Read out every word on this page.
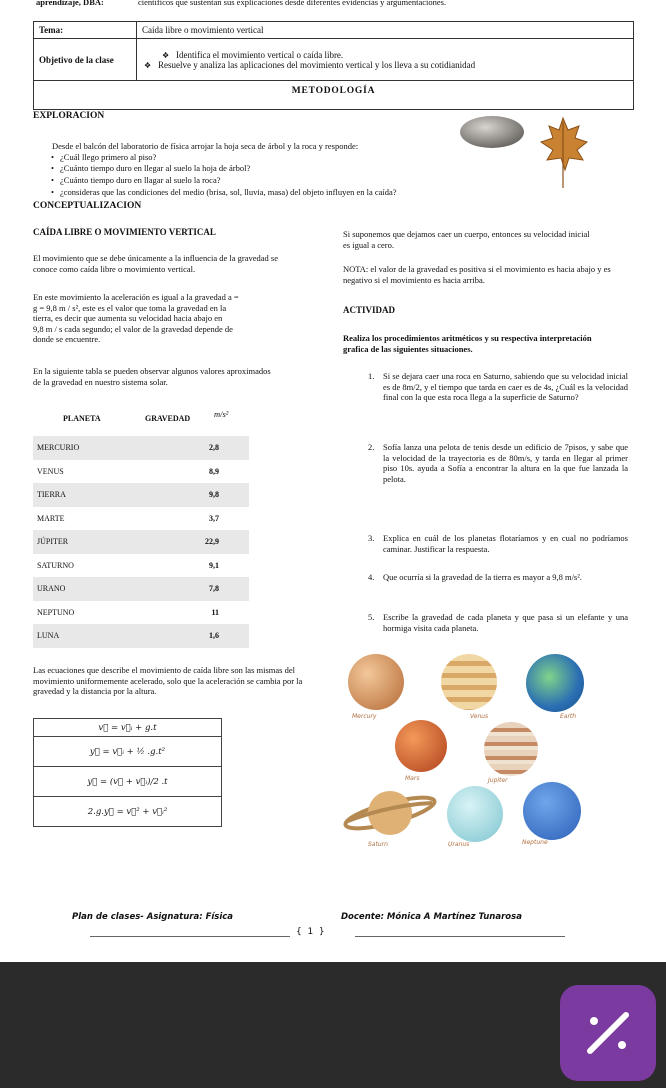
aprendizaje, DBA:	científicos que sustentan sus explicaciones desde diferentes evidencias y argumentaciones.
Tema:	Caída libre o movimiento vertical
Objetivo de la clase	❖ Identifica el movimiento vertical o caída libre.
❖ Resuelve y analiza las aplicaciones del movimiento vertical y los lleva a su cotidianidad
METODOLOGÍA
EXPLORACION
Desde el balcón del laboratorio de física arrojar la hoja seca de árbol y la roca y responde:
• ¿Cuál llego primero al piso?
• ¿Cuánto tiempo duro en llegar al suelo la hoja de árbol?
• ¿Cuánto tiempo duro en llagar al suelo la roca?
• ¿consideras que las condiciones del medio (brisa, sol, lluvia, masa) del objeto influyen en la caída?
CONCEPTUALIZACION
CAÍDA LIBRE O MOVIMIENTO VERTICAL
El movimiento que se debe únicamente a la influencia de la gravedad se conoce como caída libre o movimiento vertical.
En este movimiento la aceleración es igual a la gravedad a =
g = 9,8 m / s², este es el valor que toma la gravedad en la
tierra, es decir que aumenta su velocidad hacia abajo en
9,8 m / s cada segundo; el valor de la gravedad depende de
donde se encuentre.
En la siguiente tabla se pueden observar algunos valores aproximados de la gravedad en nuestro sistema solar.
PLANETA	GRAVEDAD	m/s²
MERCURIO	2,8
VENUS	8,9
TIERRA	9,8
MARTE	3,7
JÚPITER	22,9
SATURNO	9,1
URANO	7,8
NEPTUNO	11
LUNA	1,6
Las ecuaciones que describe el movimiento de caída libre son las mismas del movimiento uniformemente acelerado, solo que la aceleración se cambia por la gravedad y la distancia por la altura.
v⃗ = v⃗ᵢ + g.t
y⃗ = v⃗ᵢ + ½ .g.t²
y⃗ = (v⃗ + v⃗ᵢ)/2 .t
2.g.y⃗ = v⃗² + v⃗ᵢ²
Si suponemos que dejamos caer un cuerpo, entonces su velocidad inicial es igual a cero.
NOTA: el valor de la gravedad es positiva si el movimiento es hacia abajo y es negativo si el movimiento es hacia arriba.
ACTIVIDAD
Realiza los procedimientos aritméticos y su respectiva interpretación grafica de las siguientes situaciones.
1. Si se dejara caer una roca en Saturno, sabiendo que su velocidad inicial es de 8m/2, y el tiempo que tarda en caer es de 4s, ¿Cuál es la velocidad final con la que esta roca llega a la superficie de Saturno?
2. Sofía lanza una pelota de tenis desde un edificio de 7pisos, y sabe que la velocidad de la trayectoria es de 80m/s, y tarda en llegar al primer piso 10s. ayuda a Sofía a encontrar la altura en la que fue lanzada la pelota.
3. Explica en cuál de los planetas flotaríamos y en cual no podríamos caminar. Justificar la respuesta.
4. Que ocurría si la gravedad de la tierra es mayor a 9,8 m/s².
5. Escribe la gravedad de cada planeta y que pasa si un elefante y una hormiga visita cada planeta.
Mercury	Venus	Earth
Mars	Jupiter
Saturn	Uranus	Neptune
Plan de clases- Asignatura: Física	Docente: Mónica A Martínez Tunarosa
{  1  }
